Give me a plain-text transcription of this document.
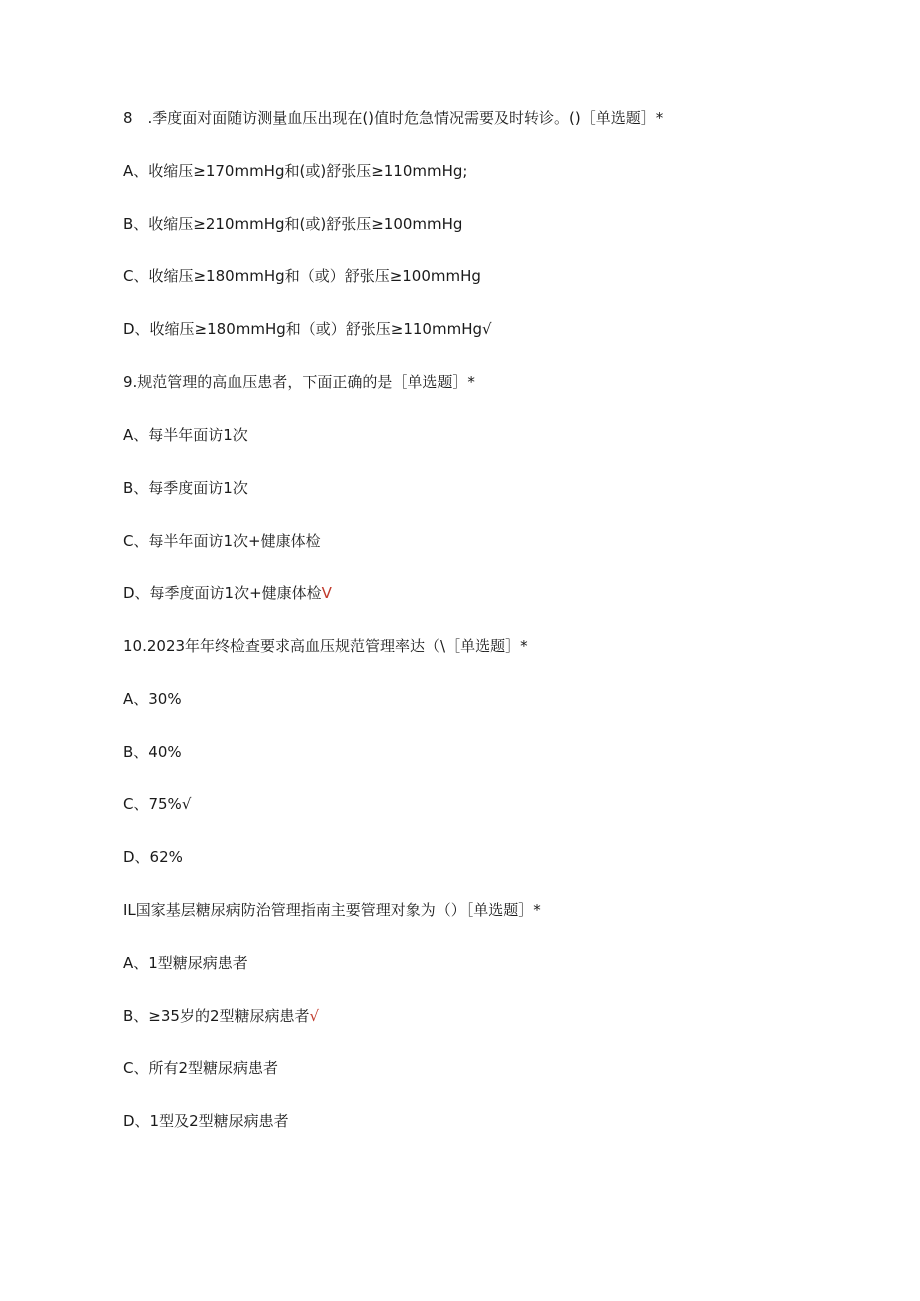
8　.季度面对面随访测量血压出现在()值时危急情况需要及时转诊。()［单选题］*

A、收缩压≥170mmHg和(或)舒张压≥110mmHg;

B、收缩压≥210mmHg和(或)舒张压≥100mmHg

C、收缩压≥180mmHg和（或）舒张压≥100mmHg

D、收缩压≥180mmHg和（或）舒张压≥110mmHg√

9.规范管理的高血压患者，下面正确的是［单选题］*

A、每半年面访1次

B、每季度面访1次

C、每半年面访1次+健康体检

D、每季度面访1次+健康体检V

10.2023年年终检查要求高血压规范管理率达（\［单选题］*

A、30%

B、40%

C、75%√

D、62%

IL国家基层糖尿病防治管理指南主要管理对象为（）［单选题］*

A、1型糖尿病患者

B、≥35岁的2型糖尿病患者√

C、所有2型糖尿病患者

D、1型及2型糖尿病患者
